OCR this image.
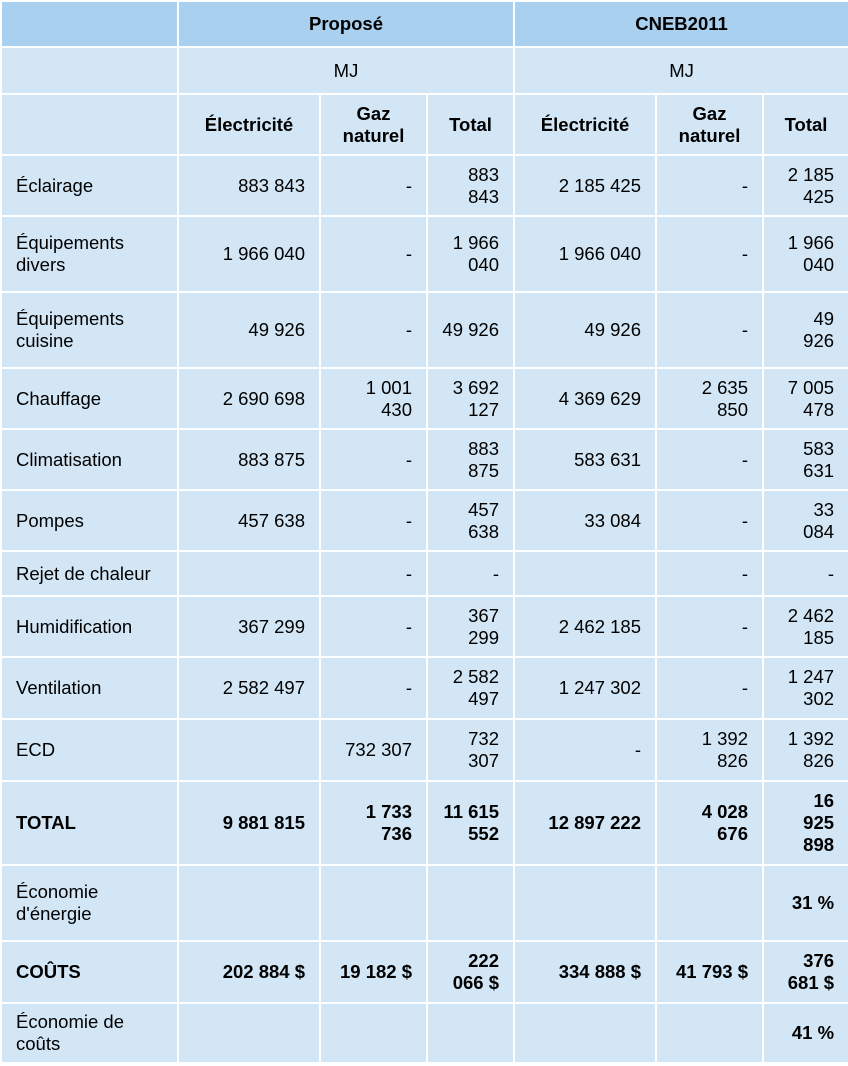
	Proposé			CNEB2011		
	MJ			MJ		
	Électricité	Gaz naturel	Total	Électricité	Gaz naturel	Total
Éclairage	883 843	-	883 843	2 185 425	-	2 185 425
Équipements divers	1 966 040	-	1 966 040	1 966 040	-	1 966 040
Équipements cuisine	49 926	-	49 926	49 926	-	49 926
Chauffage	2 690 698	1 001 430	3 692 127	4 369 629	2 635 850	7 005 478
Climatisation	883 875	-	883 875	583 631	-	583 631
Pompes	457 638	-	457 638	33 084	-	33 084
Rejet de chaleur		-	-		-	-
Humidification	367 299	-	367 299	2 462 185	-	2 462 185
Ventilation	2 582 497	-	2 582 497	1 247 302	-	1 247 302
ECD		732 307	732 307	-	1 392 826	1 392 826
TOTAL	9 881 815	1 733 736	11 615 552	12 897 222	4 028 676	16 925 898
Économie d'énergie						31 %
COÛTS	202 884 $	19 182 $	222 066 $	334 888 $	41 793 $	376 681 $
Économie de coûts						41 %
